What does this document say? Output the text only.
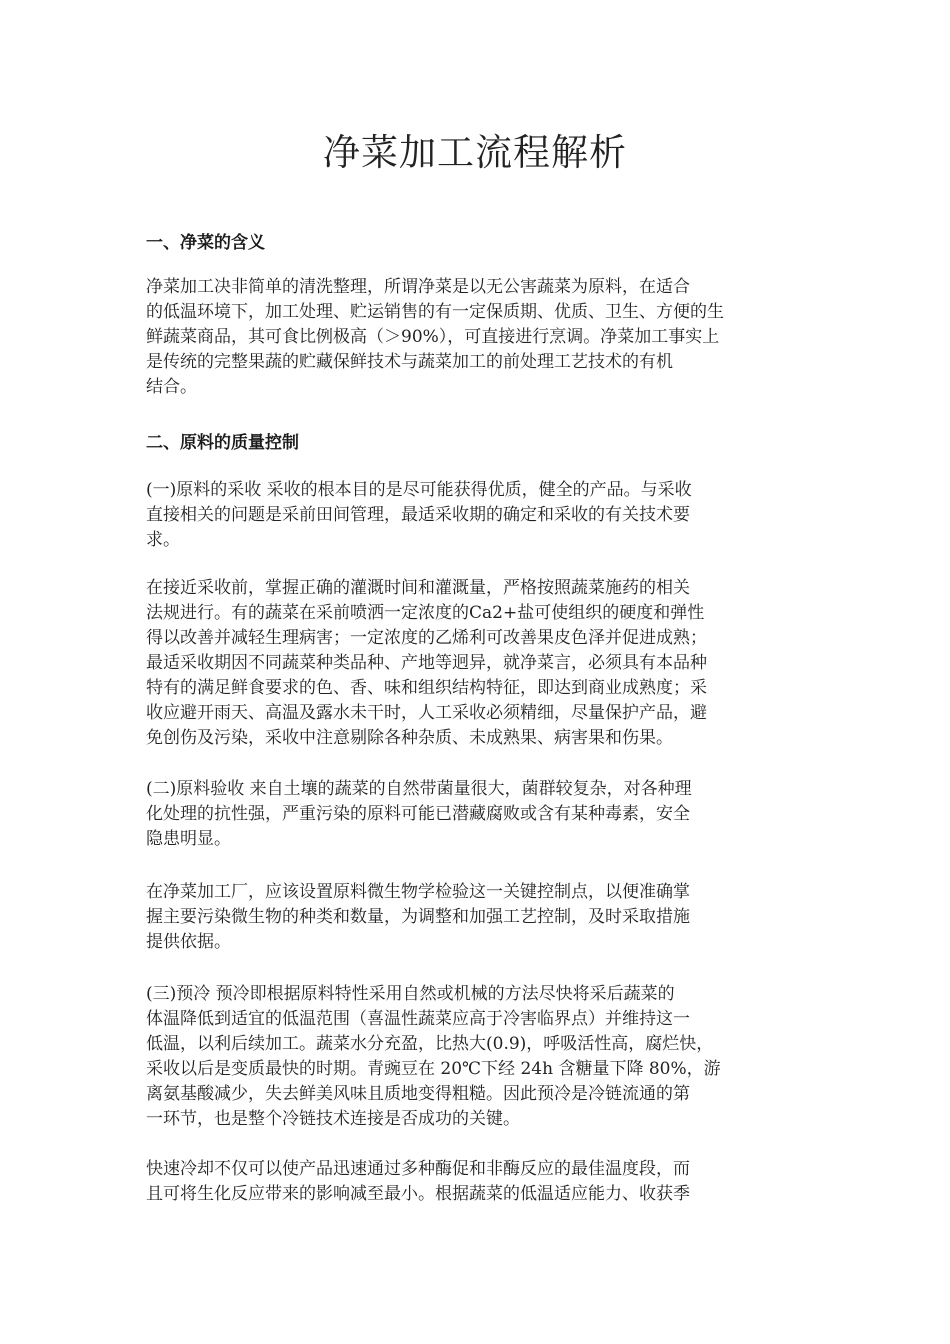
净菜加工流程解析
一、净菜的含义
净菜加工决非简单的清洗整理，所谓净菜是以无公害蔬菜为原料，在适合
的低温环境下，加工处理、贮运销售的有一定保质期、优质、卫生、方便的生
鲜蔬菜商品，其可食比例极高（＞90%），可直接进行烹调。净菜加工事实上
是传统的完整果蔬的贮藏保鲜技术与蔬菜加工的前处理工艺技术的有机
结合。
二、原料的质量控制
(一)原料的采收 采收的根本目的是尽可能获得优质，健全的产品。与采收
直接相关的问题是采前田间管理，最适采收期的确定和采收的有关技术要
求。
在接近采收前，掌握正确的灌溉时间和灌溉量，严格按照蔬菜施药的相关
法规进行。有的蔬菜在采前喷洒一定浓度的Ca2+盐可使组织的硬度和弹性
得以改善并减轻生理病害；一定浓度的乙烯利可改善果皮色泽并促进成熟；
最适采收期因不同蔬菜种类品种、产地等迥异，就净菜言，必须具有本品种
特有的满足鲜食要求的色、香、味和组织结构特征，即达到商业成熟度；采
收应避开雨天、高温及露水未干时，人工采收必须精细，尽量保护产品，避
免创伤及污染，采收中注意剔除各种杂质、未成熟果、病害果和伤果。
(二)原料验收 来自土壤的蔬菜的自然带菌量很大，菌群较复杂，对各种理
化处理的抗性强，严重污染的原料可能已潜藏腐败或含有某种毒素，安全
隐患明显。
在净菜加工厂，应该设置原料微生物学检验这一关键控制点，以便准确掌
握主要污染微生物的种类和数量，为调整和加强工艺控制，及时采取措施
提供依据。
(三)预冷 预冷即根据原料特性采用自然或机械的方法尽快将采后蔬菜的
体温降低到适宜的低温范围（喜温性蔬菜应高于冷害临界点）并维持这一
低温，以利后续加工。蔬菜水分充盈，比热大(0.9)，呼吸活性高，腐烂快，
采收以后是变质最快的时期。青豌豆在 20℃下经 24h 含糖量下降 80%，游
离氨基酸减少，失去鲜美风味且质地变得粗糙。因此预冷是冷链流通的第
一环节，也是整个冷链技术连接是否成功的关键。
快速冷却不仅可以使产品迅速通过多种酶促和非酶反应的最佳温度段，而
且可将生化反应带来的影响减至最小。根据蔬菜的低温适应能力、收获季
